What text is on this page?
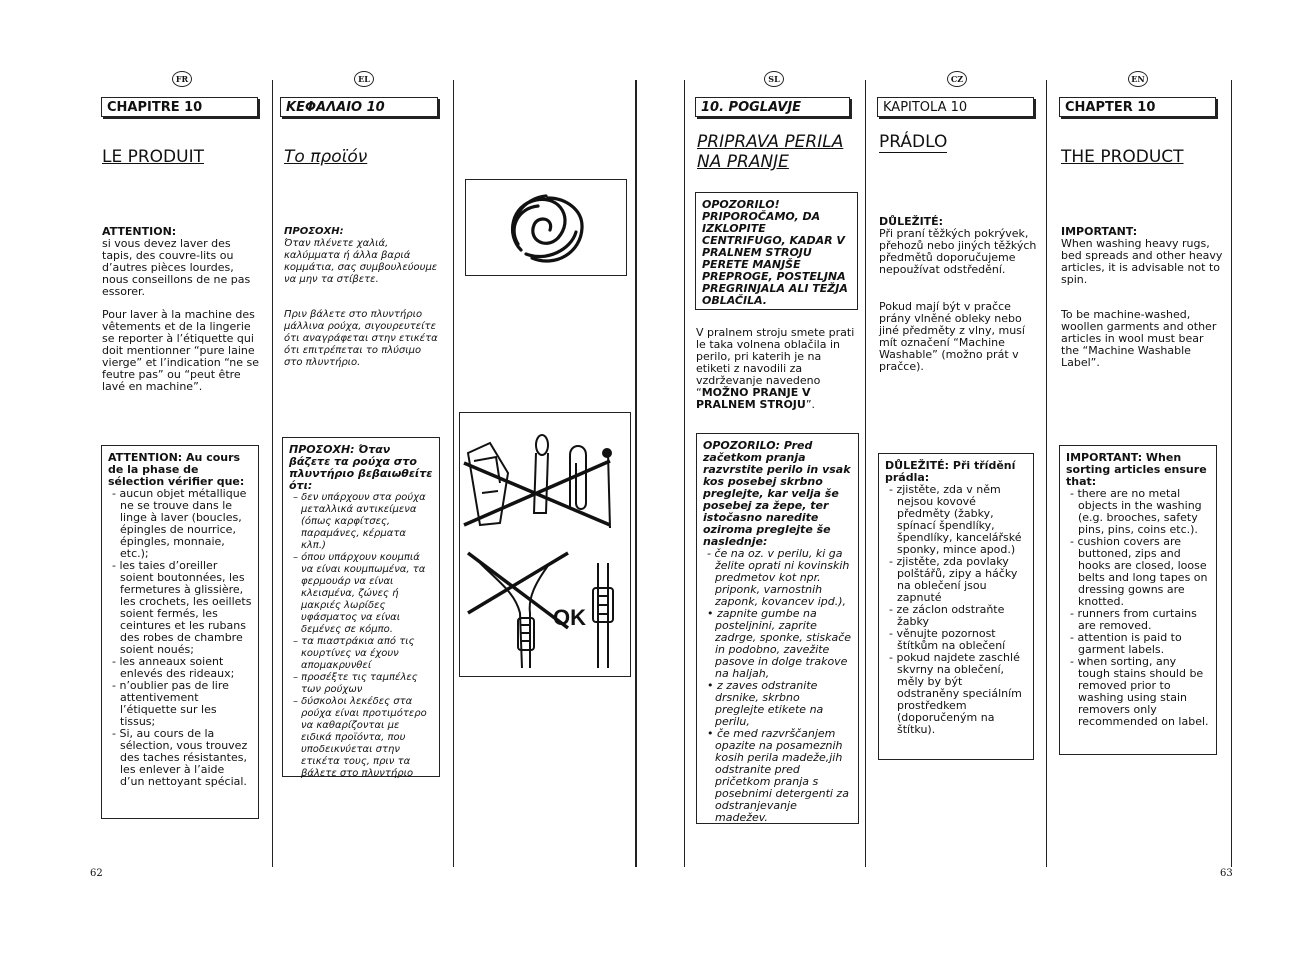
FR	EL	SL	CZ	EN
CHAPITRE 10
LE PRODUIT
ATTENTION:
si vous devez laver des tapis, des couvre-lits ou d’autres pièces lourdes, nous conseillons de ne pas essorer.
Pour laver à la machine des vêtements et de la lingerie se reporter à l’étiquette qui doit mentionner “pure laine vierge” et l’indication “ne se feutre pas” ou “peut être lavé en machine”.
ATTENTION: Au cours de la phase de sélection vérifier que:
- aucun objet métallique ne se trouve dans le linge à laver (boucles, épingles de nourrice, épingles, monnaie, etc.);
- les taies d’oreiller soient boutonnées, les fermetures à glissière, les crochets, les oeillets soient fermés, les ceintures et les rubans des robes de chambre soient noués;
- les anneaux soient enlevés des rideaux;
- n’oublier pas de lire attentivement l’étiquette sur les tissus;
- Si, au cours de la sélection, vous trouvez des taches résistantes, les enlever à l’aide d’un nettoyant spécial.
ΚΕΦΑΛΑΙΟ 10
Το προϊόν
ΠΡΟΣΟΧΗ:
Όταν πλένετε χαλιά, καλύμματα ή άλλα βαριά κομμάτια, σας συμβουλεύουμε να μην τα στίβετε.
Πριν βάλετε στο πλυντήριο μάλλινα ρούχα, σιγουρευτείτε ότι αναγράφεται στην ετικέτα ότι επιτρέπεται το πλύσιμο στο πλυντήριο.
ΠΡΟΣΟΧΗ: Όταν βάζετε τα ρούχα στο πλυντήριο βεβαιωθείτε ότι:
– δεν υπάρχουν στα ρούχα μεταλλικά αντικείμενα (όπως καρφίτσες, παραμάνες, κέρματα κλπ.)
– όπου υπάρχουν κουμπιά να είναι κουμπωμένα, τα φερμουάρ να είναι κλεισμένα, ζώνες ή μακριές λωρίδες υφάσματος να είναι δεμένες σε κόμπο.
– τα πιαστράκια από τις κουρτίνες να έχουν απομακρυνθεί
– προσέξτε τις ταμπέλες των ρούχων
– δύσκολοι λεκέδες στα ρούχα είναι προτιμότερο να καθαρίζονται με ειδικά προϊόντα, που υποδεικνύεται στην ετικέτα τους, πριν τα βάλετε στο πλυντήριο
OK
10. POGLAVJE
PRIPRAVA PERILA NA PRANJE
OPOZORILO! PRIPOROČAMO, DA IZKLOPITE CENTRIFUGO, KADAR V PRALNEM STROJU PERETE MANJŠE PREPROGE, POSTELJNA PREGRINJALA ALI TEŽJA OBLAČILA.
V pralnem stroju smete prati le taka volnena oblačila in perilo, pri katerih je na etiketi z navodili za vzdrževanje navedeno “MOŽNO PRANJE V PRALNEM STROJU”.
OPOZORILO: Pred začetkom pranja razvrstite perilo in vsak kos posebej skrbno preglejte, kar velja še posebej za žepe, ter istočasno naredite oziroma preglejte še naslednje:
- če na oz. v perilu, ki ga želite oprati ni kovinskih predmetov kot npr. priponk, varnostnih zaponk, kovancev ipd.),
• zapnite gumbe na posteljnini, zaprite zadrge, sponke, stiskače in podobno, zavežite pasove in dolge trakove na haljah,
• z zaves odstranite drsnike, skrbno preglejte etikete na perilu,
• če med razvrščanjem opazite na posameznih kosih perila madeže,jih odstranite pred pričetkom pranja s posebnimi detergenti za odstranjevanje madežev.
KAPITOLA 10
PRÁDLO
DŮLEŽITÉ:
Při praní těžkých pokrývek, přehozů nebo jiných těžkých předmětů doporučujeme nepoužívat odstředění.
Pokud mají být v pračce prány vlněné obleky nebo jiné předměty z vlny, musí mít označení “Machine Washable” (možno prát v pračce).
DŮLEŽITÉ: Při třídění prádla:
- zjistěte, zda v něm nejsou kovové předměty (žabky, spínací špendlíky, špendlíky, kancelářské sponky, mince apod.)
- zjistěte, zda povlaky polštářů, zipy a háčky na oblečení jsou zapnuté
- ze záclon odstraňte žabky
- věnujte pozornost štítkům na oblečení
- pokud najdete zaschlé skvrny na oblečení, měly by být odstraněny speciálním prostředkem (doporučeným na štítku).
CHAPTER 10
THE PRODUCT
IMPORTANT:
When washing heavy rugs, bed spreads and other heavy articles, it is advisable not to spin.
To be machine-washed, woollen garments and other articles in wool must bear the “Machine Washable Label”.
IMPORTANT: When sorting articles ensure that:
- there are no metal objects in the washing (e.g. brooches, safety pins, pins, coins etc.).
- cushion covers are buttoned, zips and hooks are closed, loose belts and long tapes on dressing gowns are knotted.
- runners from curtains are removed.
- attention is paid to garment labels.
- when sorting, any tough stains should be removed prior to washing using stain removers only recommended on label.
62	63
